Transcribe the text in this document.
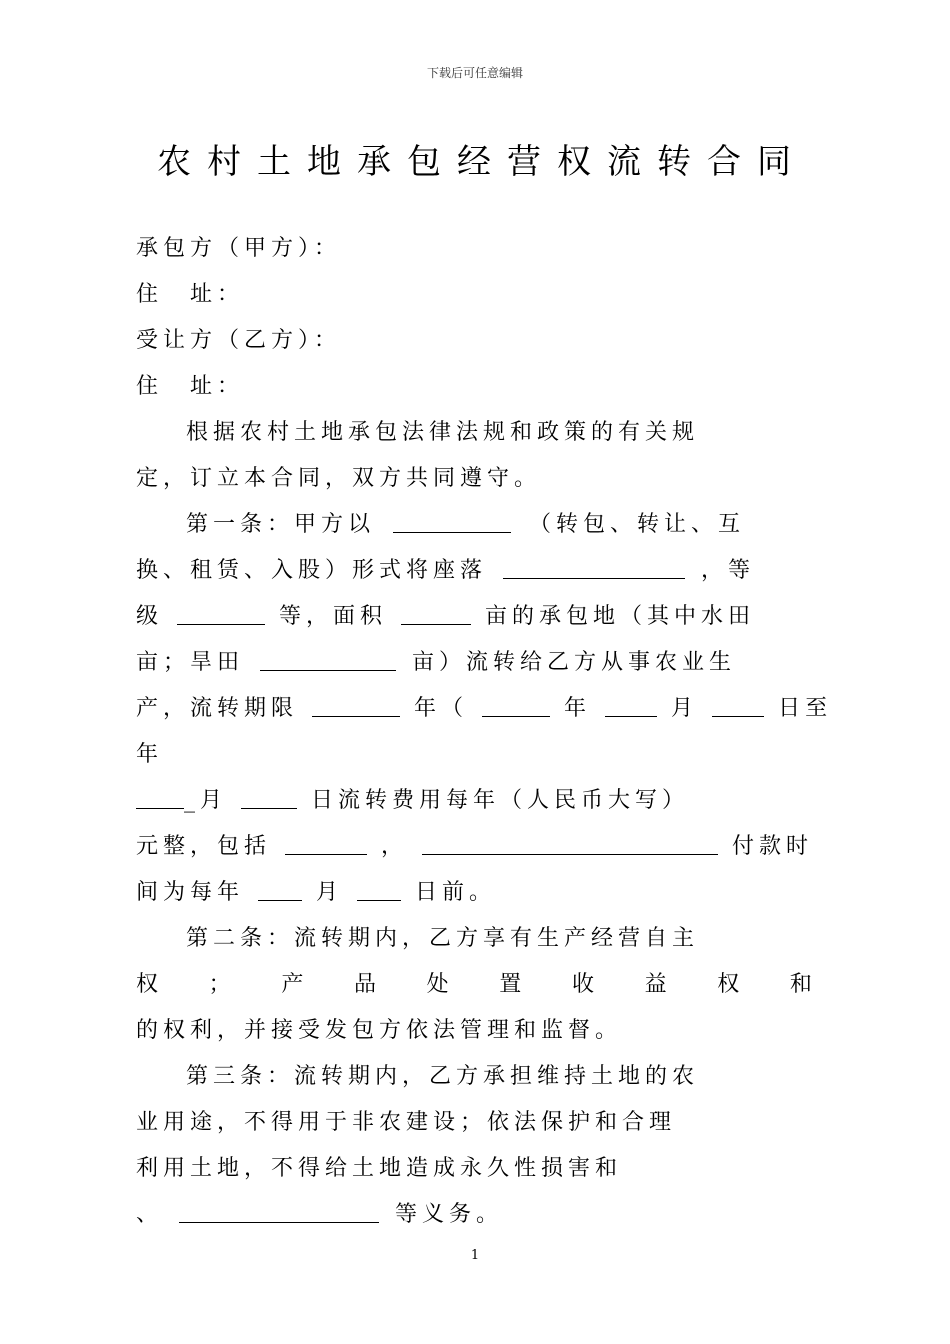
下载后可任意编辑
农村土地承包经营权流转合同
承包方（甲方）：
住　址：
受让方（乙方）：
住　址：
根据农村土地承包法律法规和政策的有关规
定，订立本合同，双方共同遵守。
第一条：甲方以	（转包、转让、互
换、租赁、入股）形式将座落	，等
级	等，面积	亩的承包地（其中水田
亩；旱田	亩）流转给乙方从事农业生
产，流转期限	年（	年	月	日至
年
_月	日流转费用每年（人民币大写）
元整，包括	，	付款时
间为每年	月	日前。
第二条：流转期内，乙方享有生产经营自主
权 ； 产 品 处 置 收 益 权 和
的权利，并接受发包方依法管理和监督。
第三条：流转期内，乙方承担维持土地的农
业用途，不得用于非农建设；依法保护和合理
利用土地，不得给土地造成永久性损害和
、	等义务。
1
